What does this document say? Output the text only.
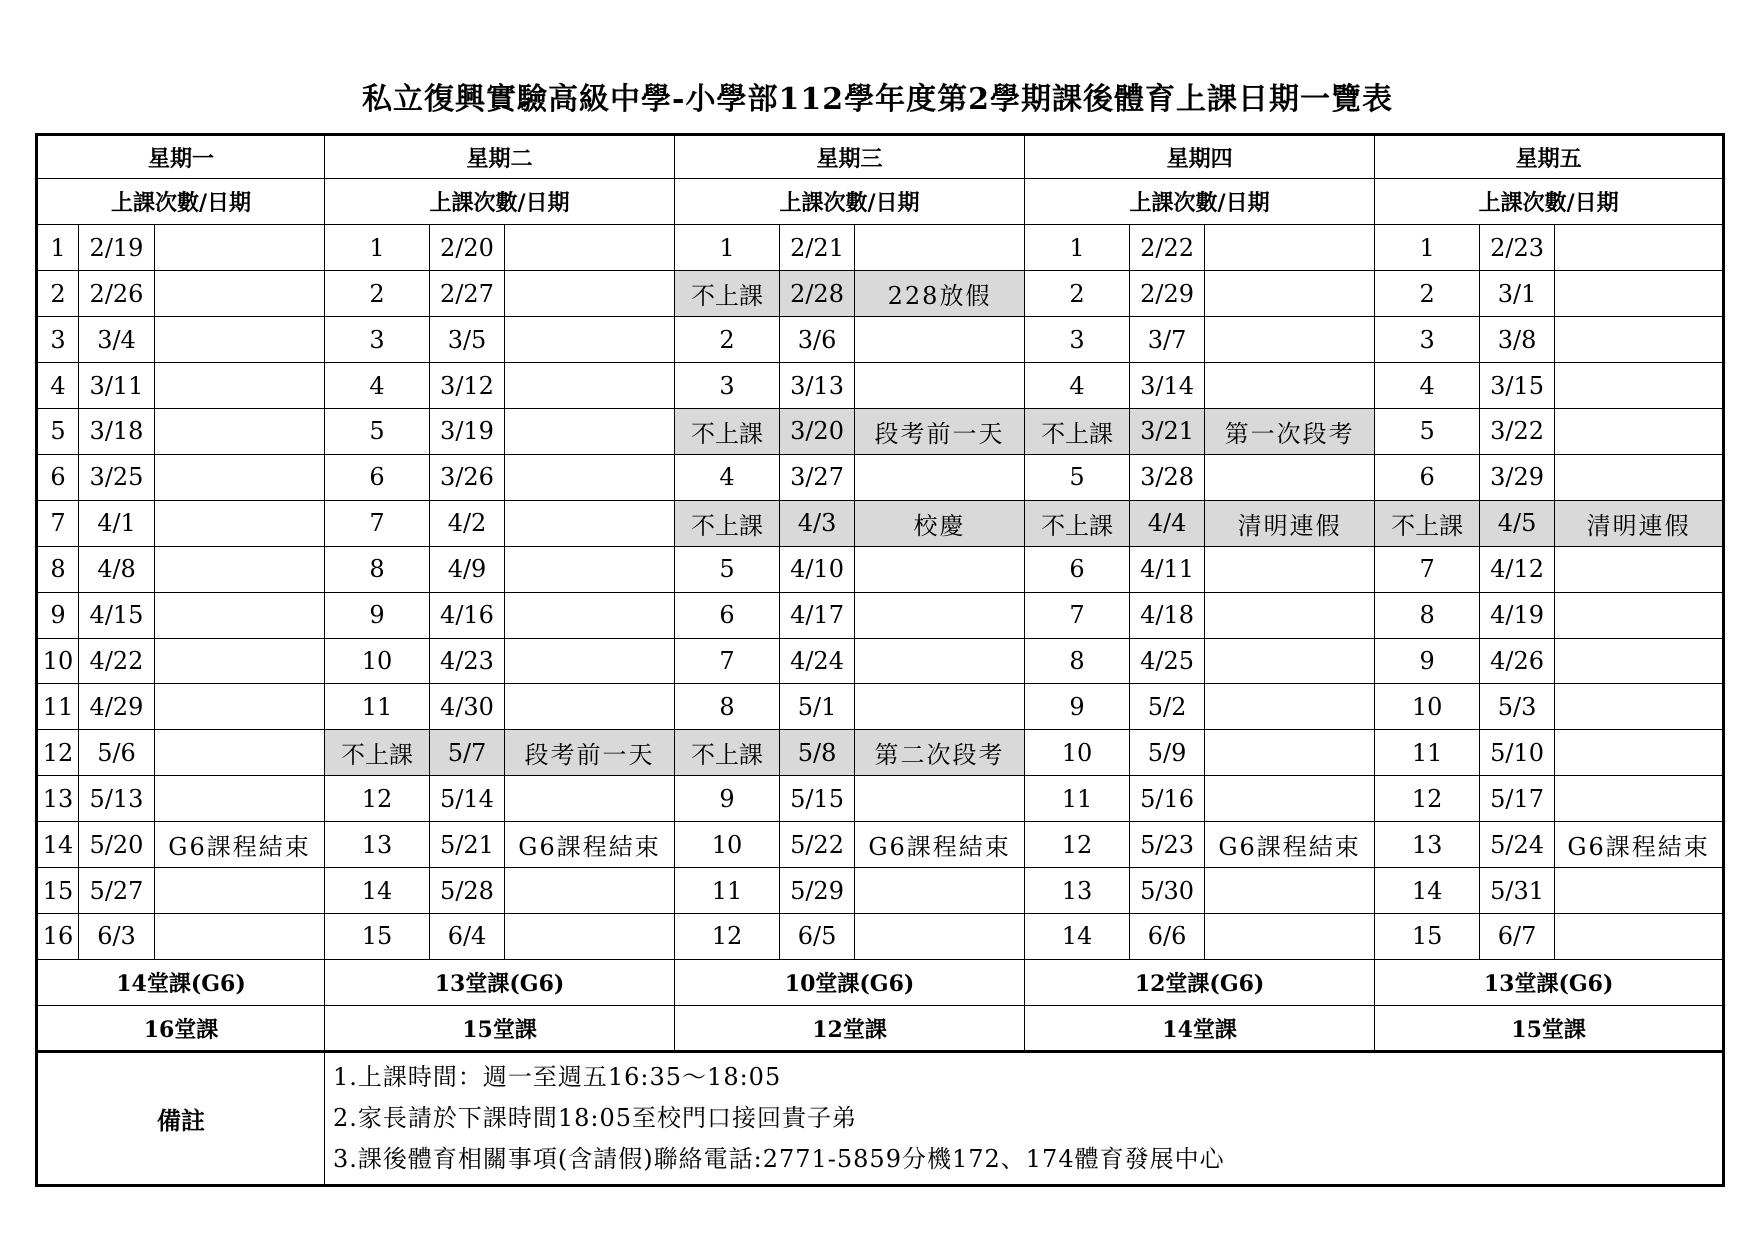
私立復興實驗高級中學-小學部112學年度第2學期課後體育上課日期一覽表
星期一			星期二			星期三			星期四			星期五		
上課次數/日期			上課次數/日期			上課次數/日期			上課次數/日期			上課次數/日期		
1	2/19		1	2/20		1	2/21		1	2/22		1	2/23	
2	2/26		2	2/27		不上課	2/28	228放假	2	2/29		2	3/1	
3	3/4		3	3/5		2	3/6		3	3/7		3	3/8	
4	3/11		4	3/12		3	3/13		4	3/14		4	3/15	
5	3/18		5	3/19		不上課	3/20	段考前一天	不上課	3/21	第一次段考	5	3/22	
6	3/25		6	3/26		4	3/27		5	3/28		6	3/29	
7	4/1		7	4/2		不上課	4/3	校慶	不上課	4/4	清明連假	不上課	4/5	清明連假
8	4/8		8	4/9		5	4/10		6	4/11		7	4/12	
9	4/15		9	4/16		6	4/17		7	4/18		8	4/19	
10	4/22		10	4/23		7	4/24		8	4/25		9	4/26	
11	4/29		11	4/30		8	5/1		9	5/2		10	5/3	
12	5/6		不上課	5/7	段考前一天	不上課	5/8	第二次段考	10	5/9		11	5/10	
13	5/13		12	5/14		9	5/15		11	5/16		12	5/17	
14	5/20	G6課程結束	13	5/21	G6課程結束	10	5/22	G6課程結束	12	5/23	G6課程結束	13	5/24	G6課程結束
15	5/27		14	5/28		11	5/29		13	5/30		14	5/31	
16	6/3		15	6/4		12	6/5		14	6/6		15	6/7	
14堂課(G6)			13堂課(G6)			10堂課(G6)			12堂課(G6)			13堂課(G6)		
16堂課			15堂課			12堂課			14堂課			15堂課		
備註			1.上課時間：週一至週五16:35～18:05
2.家長請於下課時間18:05至校門口接回貴子弟
3.課後體育相關事項(含請假)聯絡電話:2771-5859分機172、174體育發展中心											
